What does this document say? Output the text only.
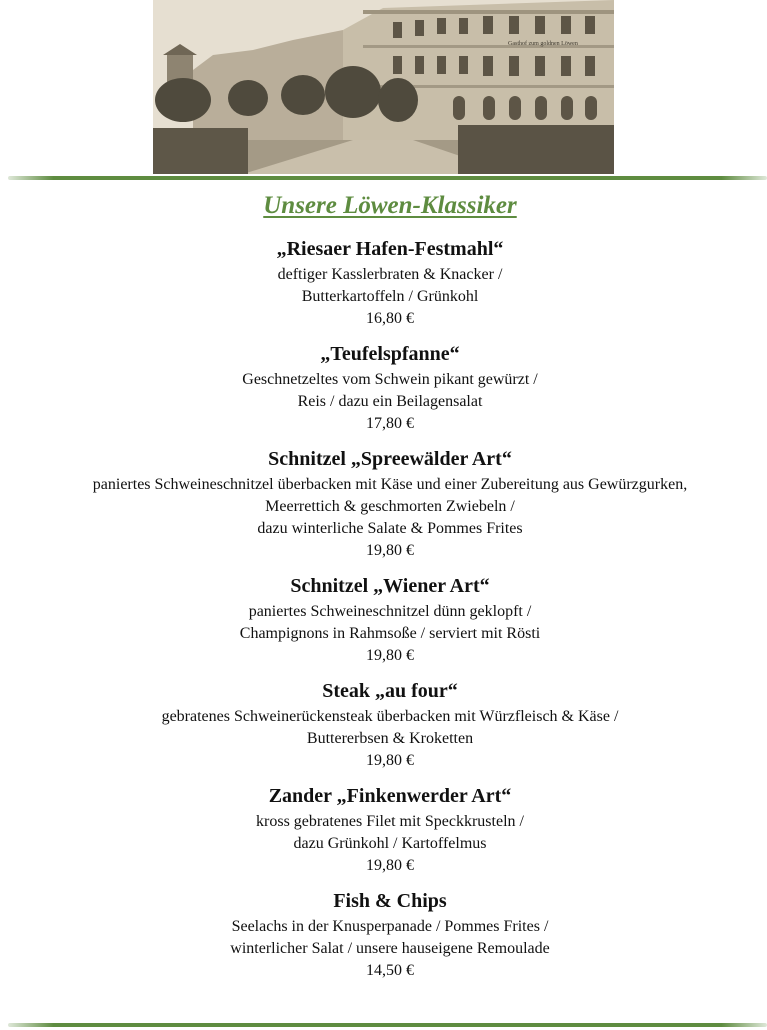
Gasthof zum goldnen Löwen
Unsere Löwen-Klassiker
„Riesaer Hafen-Festmahl“
deftiger Kasslerbraten & Knacker /
Butterkartoffeln / Grünkohl
16,80 €
„Teufelspfanne“
Geschnetzeltes vom Schwein pikant gewürzt /
Reis / dazu ein Beilagensalat
17,80 €
Schnitzel „Spreewälder Art“
paniertes Schweineschnitzel überbacken mit Käse und einer Zubereitung aus Gewürzgurken,
Meerrettich & geschmorten Zwiebeln /
dazu winterliche Salate & Pommes Frites
19,80 €
Schnitzel „Wiener Art“
paniertes Schweineschnitzel dünn geklopft /
Champignons in Rahmsoße / serviert mit Rösti
19,80 €
Steak „au four“
gebratenes Schweinerückensteak überbacken mit Würzfleisch & Käse /
Buttererbsen & Kroketten
19,80 €
Zander „Finkenwerder Art“
kross gebratenes Filet mit Speckkrusteln /
dazu Grünkohl / Kartoffelmus
19,80 €
Fish & Chips
Seelachs in der Knusperpanade / Pommes Frites /
winterlicher Salat / unsere hauseigene Remoulade
14,50 €
